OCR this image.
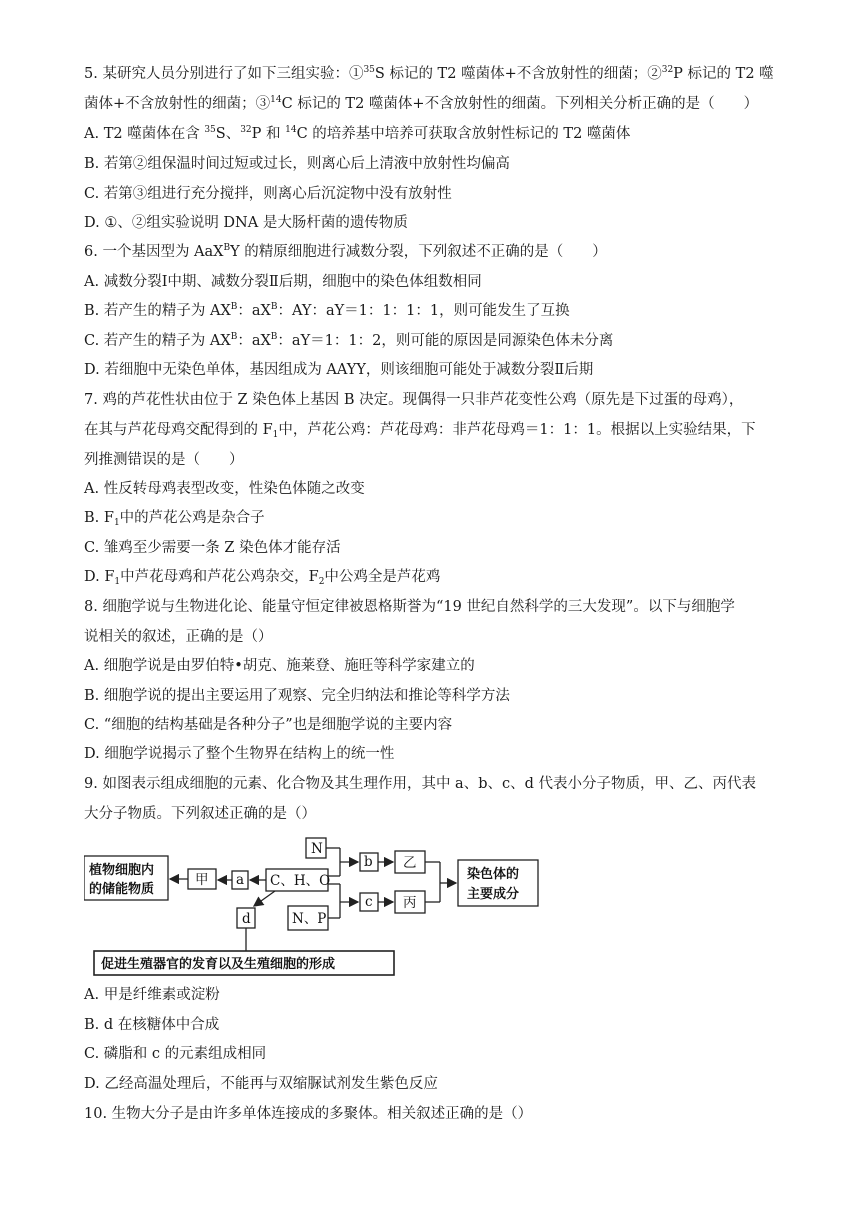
5. 某研究人员分别进行了如下三组实验：①$^{35}$S 标记的 T2 噬菌体+不含放射性的细菌；②$^{32}$P 标记的 T2 噬
菌体+不含放射性的细菌；③$^{14}$C 标记的 T2 噬菌体+不含放射性的细菌。下列相关分析正确的是（　　）
A. T2 噬菌体在含 $^{35}$S、$^{32}$P 和 $^{14}$C 的培养基中培养可获取含放射性标记的 T2 噬菌体
B. 若第②组保温时间过短或过长，则离心后上清液中放射性均偏高
C. 若第③组进行充分搅拌，则离心后沉淀物中没有放射性
D. ①、②组实验说明 DNA 是大肠杆菌的遗传物质
6. 一个基因型为 AaX$^B$Y 的精原细胞进行减数分裂，下列叙述不正确的是（　　）
A. 减数分裂Ⅰ中期、减数分裂Ⅱ后期，细胞中的染色体组数相同
B. 若产生的精子为 $AX^B$：$aX^B$：AY：aY＝1：1：1：1，则可能发生了互换
C. 若产生的精子为 $AX^B$：$aX^B$：aY＝1：1：2，则可能的原因是同源染色体未分离
D. 若细胞中无染色单体，基因组成为 AAYY，则该细胞可能处于减数分裂Ⅱ后期
7. 鸡的芦花性状由位于 Z 染色体上基因 B 决定。现偶得一只非芦花变性公鸡（原先是下过蛋的母鸡），
在其与芦花母鸡交配得到的 $F_1$中，芦花公鸡：芦花母鸡：非芦花母鸡＝1：1：1。根据以上实验结果，下
列推测错误的是（　　）
A. 性反转母鸡表型改变，性染色体随之改变
B. $F_1$中的芦花公鸡是杂合子
C. 雏鸡至少需要一条 Z 染色体才能存活
D. $F_1$中芦花母鸡和芦花公鸡杂交，$F_2$中公鸡全是芦花鸡
8. 细胞学说与生物进化论、能量守恒定律被恩格斯誉为“19 世纪自然科学的三大发现”。以下与细胞学
说相关的叙述，正确的是（）
A. 细胞学说是由罗伯特•胡克、施莱登、施旺等科学家建立的
B. 细胞学说的提出主要运用了观察、完全归纳法和推论等科学方法
C. “细胞的结构基础是各种分子”也是细胞学说的主要内容
D. 细胞学说揭示了整个生物界在结构上的统一性
9. 如图表示组成细胞的元素、化合物及其生理作用，其中 a、b、c、d 代表小分子物质，甲、乙、丙代表
大分子物质。下列叙述正确的是（）
植物细胞内
的储能物质
甲 a C、H、O
N
b 乙
c 丙
N、P
d
染色体的
主要成分
促进生殖器官的发育以及生殖细胞的形成
A. 甲是纤维素或淀粉
B. d 在核糖体中合成
C. 磷脂和 c 的元素组成相同
D. 乙经高温处理后，不能再与双缩脲试剂发生紫色反应
10. 生物大分子是由许多单体连接成的多聚体。相关叙述正确的是（）
